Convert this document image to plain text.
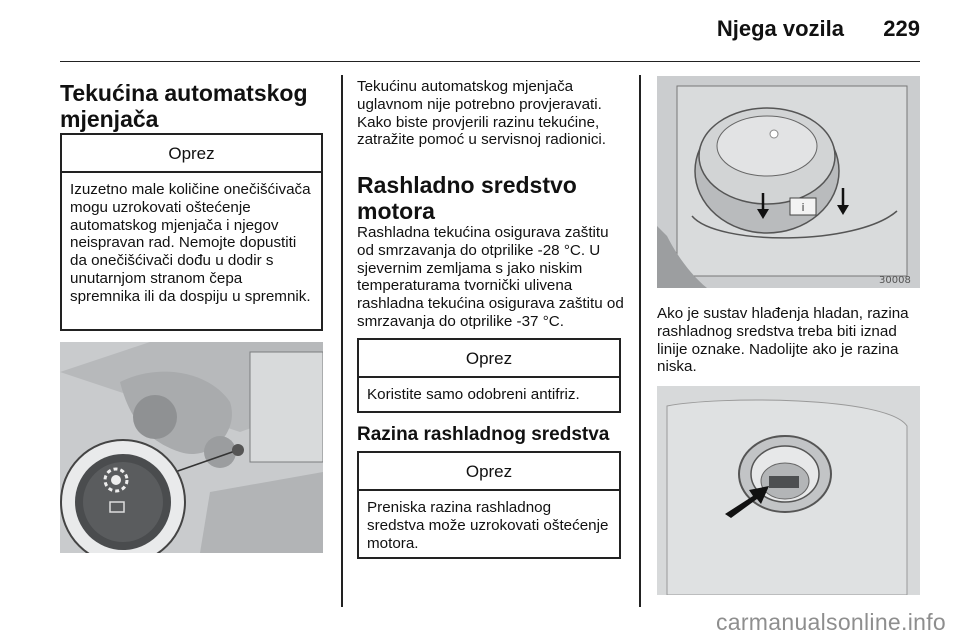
Njega vozila 229
Tekućina automatskog mjenjača
Oprez
Izuzetno male količine onečišćivača mogu uzrokovati oštećenje automatskog mjenjača i njegov neispravan rad. Nemojte dopustiti da onečišćivači dođu u dodir s unutarnjom stranom čepa spremnika ili da dospiju u spremnik.
Tekućinu automatskog mjenjača uglavnom nije potrebno provjeravati. Kako biste provjerili razinu tekućine, zatražite pomoć u servisnoj radionici.
Rashladno sredstvo motora
Rashladna tekućina osigurava zaštitu od smrzavanja do otprilike -28 °C. U sjevernim zemljama s jako niskim temperaturama tvornički ulivena rashladna tekućina osigurava zaštitu od smrzavanja do otprilike -37 °C.
Oprez
Koristite samo odobreni antifriz.
Razina rashladnog sredstva
Oprez
Preniska razina rashladnog sredstva može uzrokovati oštećenje motora.
i
30008
Ako je sustav hlađenja hladan, razina rashladnog sredstva treba biti iznad linije oznake. Nadolijte ako je razina niska.
carmanualsonline.info
